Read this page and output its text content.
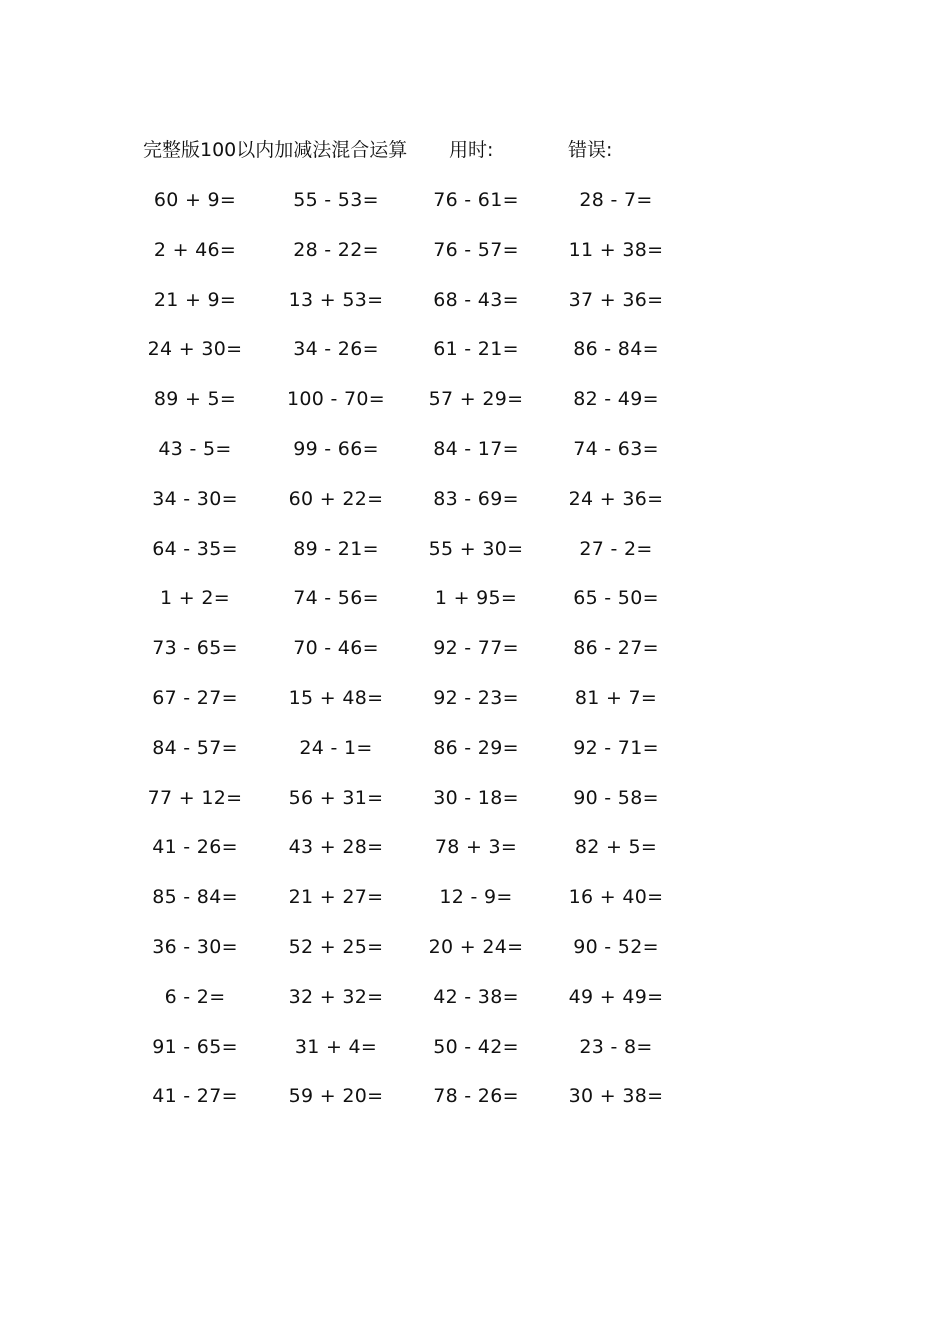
完整版100以内加减法混合运算 用时:	错误:
60 + 9=	55 - 53=	76 - 61=	28 - 7=
2 + 46=	28 - 22=	76 - 57=	11 + 38=
21 + 9=	13 + 53=	68 - 43=	37 + 36=
24 + 30=	34 - 26=	61 - 21=	86 - 84=
89 + 5=	100 - 70=	57 + 29=	82 - 49=
43 - 5=	99 - 66=	84 - 17=	74 - 63=
34 - 30=	60 + 22=	83 - 69=	24 + 36=
64 - 35=	89 - 21=	55 + 30=	27 - 2=
1 + 2=	74 - 56=	1 + 95=	65 - 50=
73 - 65=	70 - 46=	92 - 77=	86 - 27=
67 - 27=	15 + 48=	92 - 23=	81 + 7=
84 - 57=	24 - 1=	86 - 29=	92 - 71=
77 + 12=	56 + 31=	30 - 18=	90 - 58=
41 - 26=	43 + 28=	78 + 3=	82 + 5=
85 - 84=	21 + 27=	12 - 9=	16 + 40=
36 - 30=	52 + 25=	20 + 24=	90 - 52=
6 - 2=	32 + 32=	42 - 38=	49 + 49=
91 - 65=	31 + 4=	50 - 42=	23 - 8=
41 - 27=	59 + 20=	78 - 26=	30 + 38=
